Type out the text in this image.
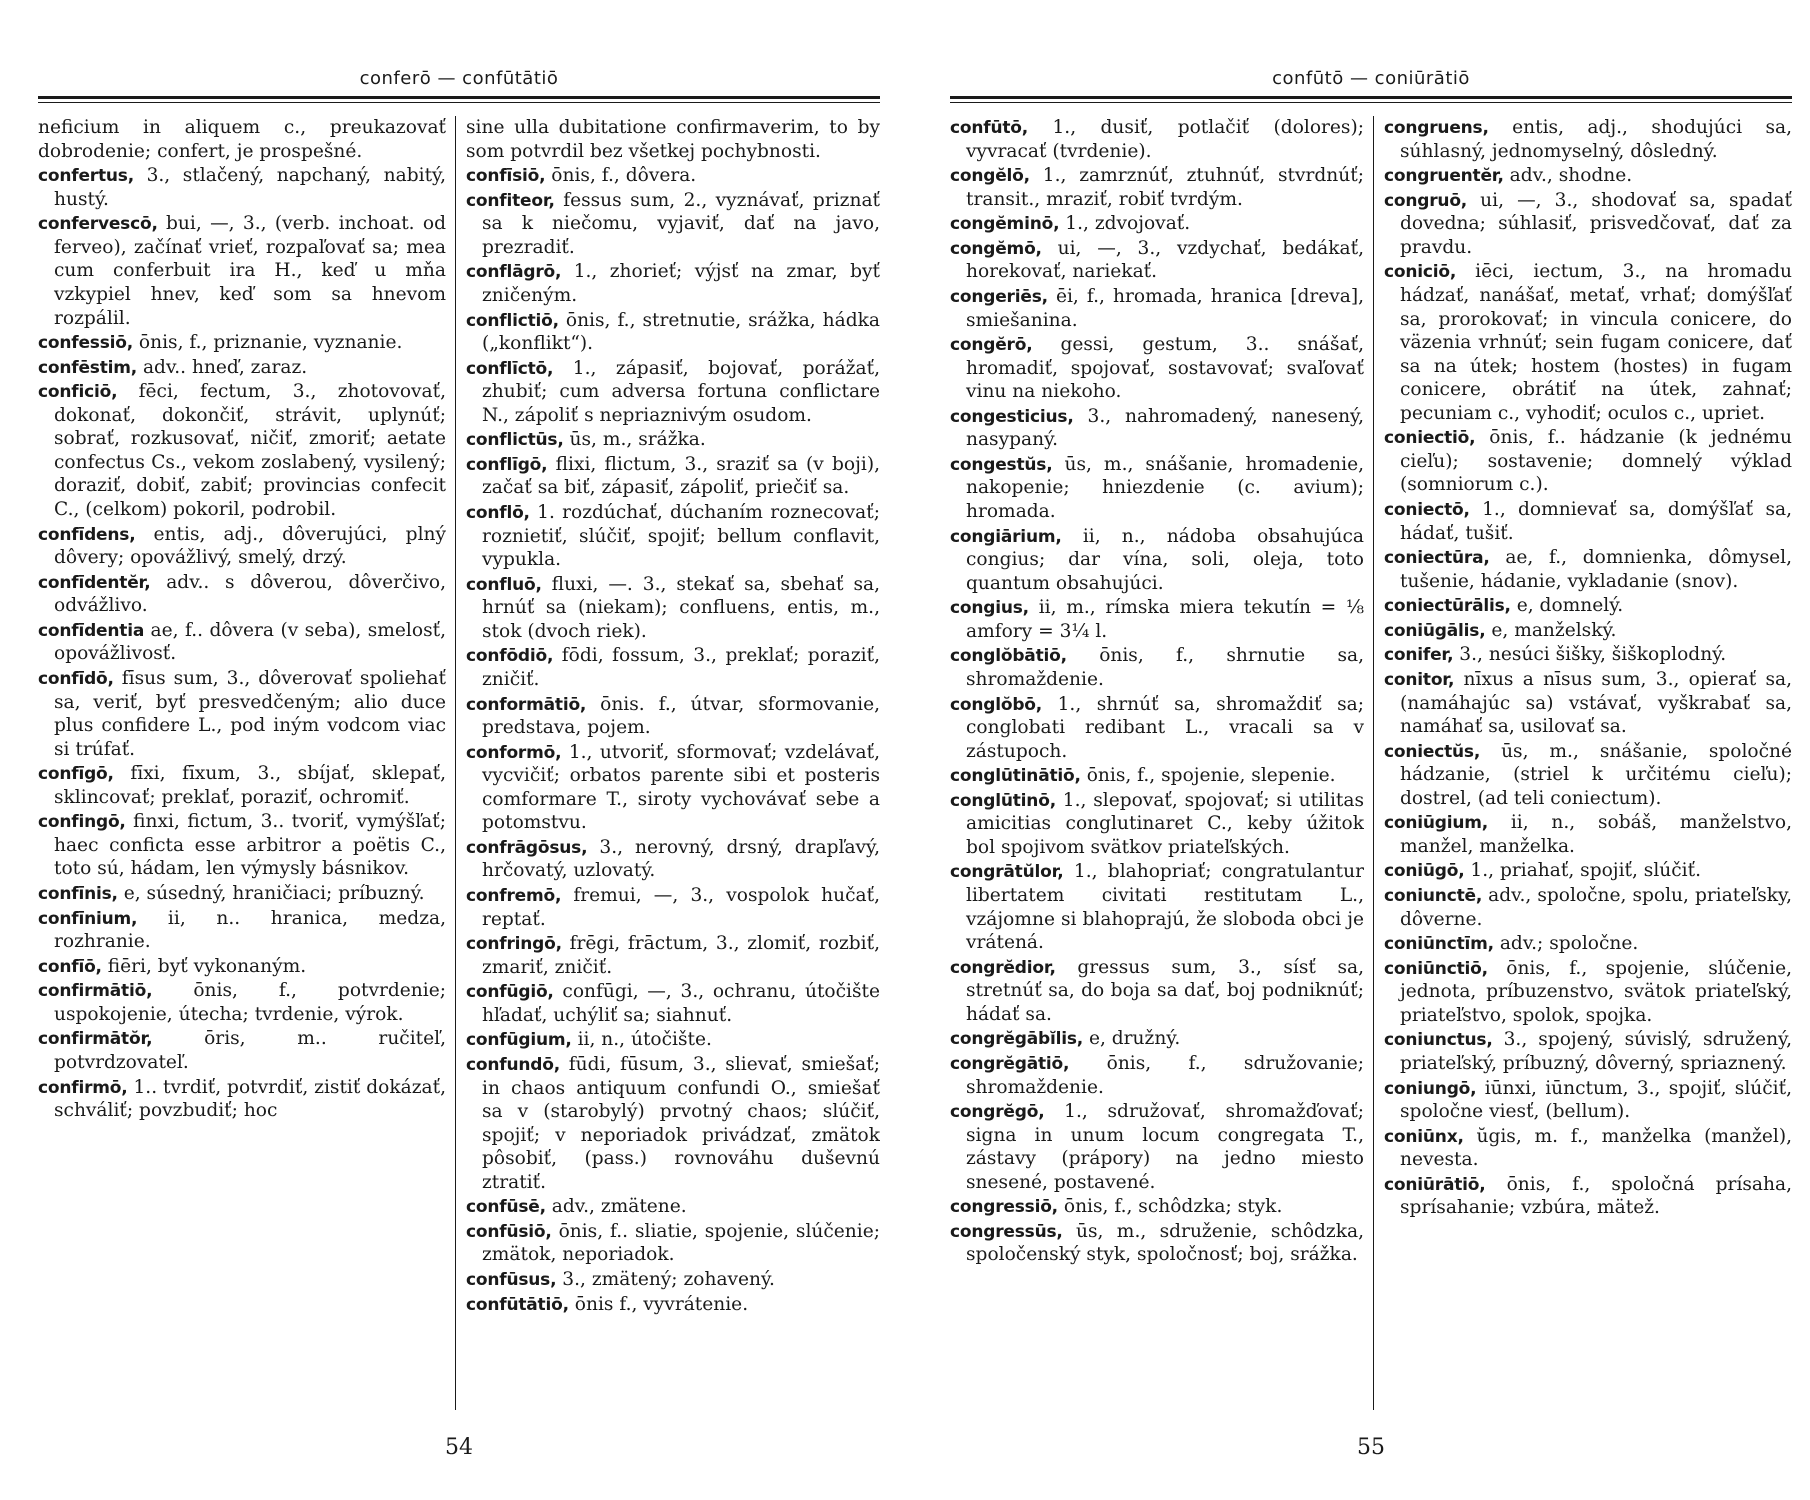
conferō — confūtātiō

neficium in aliquem c., preukazovať dobrodenie; confert, je prospešné.

confertus, 3., stlačený, napchaný, nabitý, hustý.

confervescō, bui, —, 3., (verb. inchoat. od ferveo), začínať vrieť, rozpaľovať sa; mea cum conferbuit ira H., keď u mňa vzkypiel hnev, keď som sa hnevom rozpálil.

confessiō, ōnis, f., priznanie, vyznanie.

confēstim, adv.. hneď, zaraz.

conficiō, fēci, fectum, 3., zhotovovať, dokonať, dokončiť, strávit, uplynúť; sobrať, rozkusovať, ničiť, zmoriť; aetate confectus Cs., vekom zoslabený, vysilený; doraziť, dobiť, zabiť; provincias confecit C., (celkom) pokoril, podrobil.

confīdens, entis, adj., dôverujúci, plný dôvery; opovážlivý, smelý, drzý.

confīdentĕr, adv.. s dôverou, dôverčivo, odvážlivo.

confīdentia ae, f.. dôvera (v seba), smelosť, opovážlivosť.

confīdō, fīsus sum, 3., dôverovať spoliehať sa, veriť, byť presvedčeným; alio duce plus confidere L., pod iným vodcom viac si trúfať.

confīgō, fīxi, fīxum, 3., sbíjať, sklepať, sklincovať; preklať, poraziť, ochromiť.

confingō, finxi, fictum, 3.. tvoriť, vymýšľať; haec conficta esse arbitror a poëtis C., toto sú, hádam, len výmysly básnikov.

confīnis, e, súsedný, hraničiaci; príbuzný.

confīnium, ii, n.. hranica, medza, rozhranie.

confīō, fiēri, byť vykonaným.

confirmātiō, ōnis, f., potvrdenie; uspokojenie, útecha; tvrdenie, výrok.

confirmātŏr,	ōris, m.. ručiteľ, potvrdzovateľ.

confirmō, 1.. tvrdiť, potvrdiť, zistiť dokázať, schváliť; povzbudiť; hoc

sine ulla dubitatione confirmaverim, to by som potvrdil bez všetkej pochybnosti.

confīsiō, ōnis, f., dôvera.

confiteor, fessus sum, 2., vyznávať, priznať sa k niečomu, vyjaviť, dať na javo, prezradiť.

conflāgrō, 1., zhorieť; výjsť na zmar, byť zničeným.

conflictiō, ōnis, f., stretnutie, srážka, hádka („konflikt“).

conflīctō, 1., zápasiť, bojovať, porážať, zhubiť; cum adversa fortuna conflictare N., zápoliť s nepriaznivým osudom.

conflictūs, ūs, m., srážka.

conflīgō, flixi, flictum, 3., sraziť sa (v boji), začať sa biť, zápasiť, zápoliť, priečiť sa.

conflō, 1. rozdúchať, dúchaním roznecovať; roznietiť, slúčiť, spojiť; bellum conflavit, vypukla.

confluō, fluxi, —. 3., stekať sa, sbehať sa, hrnúť sa (niekam); confluens, entis, m., stok (dvoch riek).

confōdiō, fōdi, fossum, 3., preklať; poraziť, zničiť.

conformātiō, ōnis. f., útvar, sformovanie, predstava, pojem.

conformō, 1., utvoriť, sformovať; vzdelávať, vycvičiť; orbatos parente sibi et posteris comformare T., siroty vychovávať sebe a potomstvu.

confrāgōsus, 3., nerovný, drsný, drapľavý, hrčovatý, uzlovatý.

confremō, fremui, —, 3., vospolok hučať, reptať.

confringō, frēgi, frāctum, 3., zlomiť, rozbiť, zmariť, zničiť.

confūgiō, confūgi, —, 3., ochranu, útočište hľadať, uchýliť sa; siahnuť.

confūgium, ii, n., útočište.

confundō, fūdi, fūsum, 3., slievať, smiešať; in chaos antiquum confundi O., smiešať sa v (starobylý) prvotný chaos; slúčiť, spojiť; v neporiadok privádzať, zmätok pôsobiť, (pass.) rovnováhu duševnú ztratiť.

confūsē, adv., zmätene.

confūsiō, ōnis, f.. sliatie, spojenie, slúčenie; zmätok, neporiadok.

confūsus, 3., zmätený; zohavený.

confūtātiō, ōnis f., vyvrátenie.

54
confūtō — coniūrātiō

confūtō, 1., dusiť, potlačiť (dolores); vyvracať (tvrdenie).

congĕlō, 1., zamrznúť, ztuhnúť, stvrdnúť; transit., mraziť, robiť tvrdým.

congĕminō, 1., zdvojovať.

congĕmō, ui, —, 3., vzdychať, bedákať, horekovať, nariekať.

congeriēs, ēi, f., hromada, hranica [dreva], smiešanina.

congĕrō, gessi, gestum, 3.. snášať, hromadiť, spojovať, sostavovať; svaľovať vinu na niekoho.

congesticius, 3., nahromadený, nanesený, nasypaný.

congestŭs, ūs, m., snášanie, hromadenie, nakopenie; hniezdenie (c. avium); hromada.

congiārium, ii, n., nádoba obsahujúca congius; dar vína, soli, oleja, toto quantum obsahujúci.

congius, ii, m., rímska miera tekutín = ⅛ amfory = 3¼ l.

conglŏbātiō, ōnis, f., shrnutie sa, shromaždenie.

conglŏbō, 1., shrnúť sa, shromaždiť sa; conglobati redibant L., vracali sa v zástupoch.

conglūtinātiō, ōnis, f., spojenie, slepenie.

conglūtinō, 1., slepovať, spojovať; si utilitas amicitias conglutinaret C., keby úžitok bol spojivom svätkov priateľských.

congrātŭlor, 1., blahopriať; congratulantur libertatem civitati restitutam L., vzájomne si blahoprajú, že sloboda obci je vrátená.

congrĕdior, gressus sum, 3., sísť sa, stretnúť sa, do boja sa dať, boj podniknúť; hádať sa.

congrĕgābĭlis, e, družný.

congrĕgātiō, ōnis, f., sdružovanie; shromaždenie.

congrĕgō, 1., sdružovať, shromažďovať; signa in unum locum congregata T., zástavy (prápory) na jedno miesto snesené, postavené.

congressiō, ōnis, f., schôdzka; styk.

congressūs, ūs, m., sdruženie, schôdzka, spoločenský styk, spoločnosť; boj, srážka.

congruens, entis, adj., shodujúci sa, súhlasný, jednomyselný, dôsledný.

congruentĕr, adv., shodne.

congruō, ui, —, 3., shodovať sa, spadať dovedna; súhlasiť, prisvedčovať, dať za pravdu.

coniciō, iēci, iectum, 3., na hromadu hádzať, nanášať, metať, vrhať; domýšľať sa, prorokovať; in vincula conicere, do väzenia vrhnúť; sein fugam conicere, dať sa na útek; hostem (hostes) in fugam conicere, obrátiť na útek, zahnať; pecuniam c., vyhodiť; oculos c., upriet.

coniectiō, ōnis, f.. hádzanie (k jednému cieľu); sostavenie; domnelý výklad (somniorum c.).

coniectō, 1., domnievať sa, domýšľať sa, hádať, tušiť.

coniectūra, ae, f., domnienka, dômysel, tušenie, hádanie, vykladanie (snov).

coniectūrālis, e, domnelý.

coniūgālis, e, manželský.

conifer, 3., nesúci šišky, šiškoplodný.

conitor, nīxus a nīsus sum, 3., opierať sa, (namáhajúc sa) vstávať, vyškrabať sa, namáhať sa, usilovať sa.

coniectŭs, ūs, m., snášanie, spoločné hádzanie, (striel k určitému cieľu); dostrel, (ad teli coniectum).

coniūgium, ii, n., sobáš, manželstvo, manžel, manželka.

coniūgō, 1., priahať, spojiť, slúčiť.

coniunctē, adv., spoločne, spolu, priateľsky, dôverne.

coniūnctīm, adv.; spoločne.

coniūnctiō, ōnis, f., spojenie, slúčenie, jednota, príbuzenstvo, svätok priateľský, priateľstvo, spolok, spojka.

coniunctus, 3., spojený, súvislý, sdružený, priateľský, príbuzný, dôverný, spriaznený.

coniungō, iūnxi, iūnctum, 3., spojiť, slúčiť, spoločne viesť, (bellum).

coniūnx, ŭgis, m. f., manželka (manžel), nevesta.

coniūrātiō, ōnis, f., spoločná prísaha, sprísahanie; vzbúra, mätež.

55
